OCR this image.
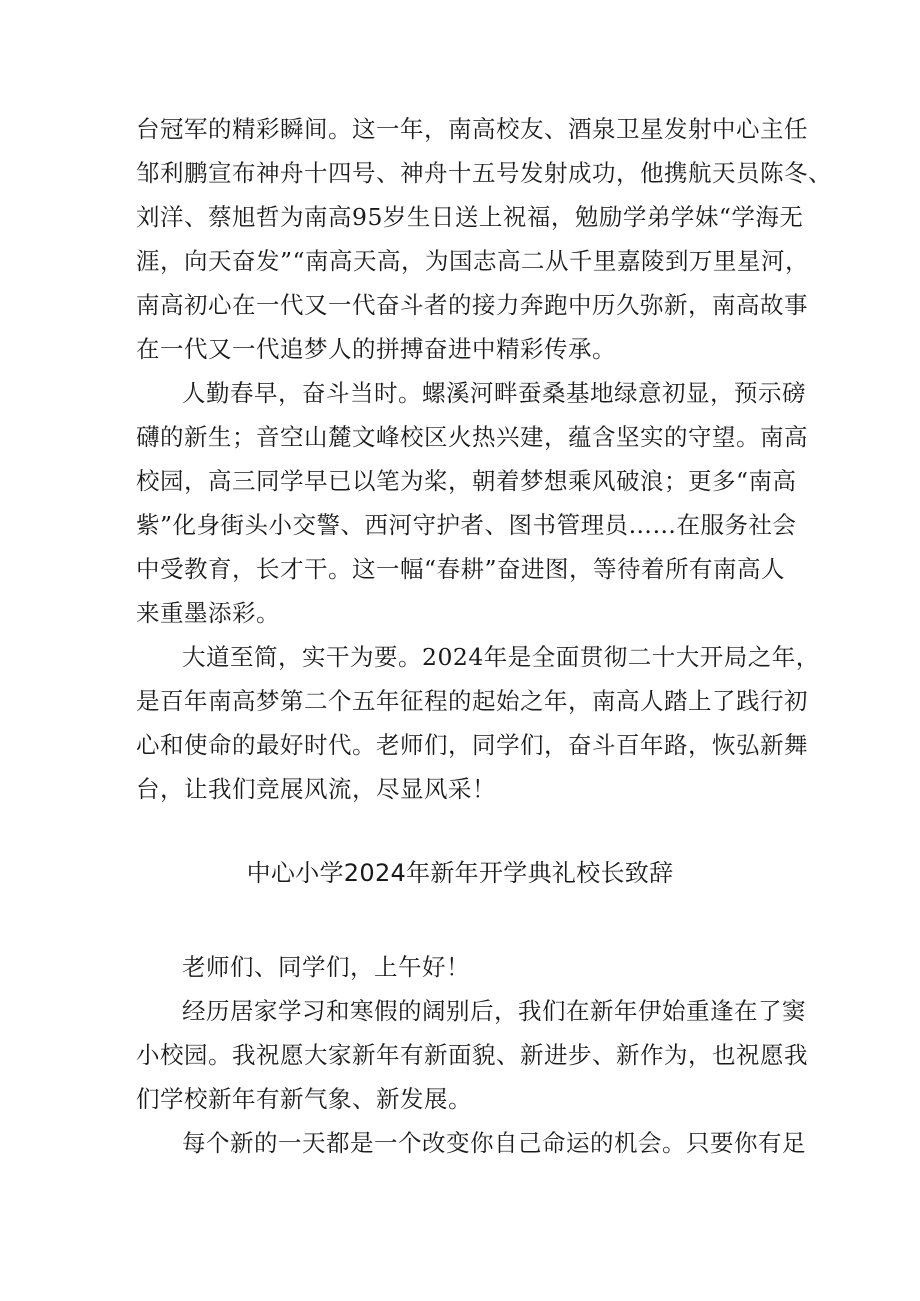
台冠军的精彩瞬间。这一年，南高校友、酒泉卫星发射中心主任
邹利鹏宣布神舟十四号、神舟十五号发射成功，他携航天员陈冬、
刘洋、蔡旭哲为南高95岁生日送上祝福，勉励学弟学妹“学海无
涯，向天奋发”“南高天高，为国志高二从千里嘉陵到万里星河，
南高初心在一代又一代奋斗者的接力奔跑中历久弥新，南高故事
在一代又一代追梦人的拼搏奋进中精彩传承。
人勤春早，奋斗当时。螺溪河畔蚕桑基地绿意初显，预示磅
礴的新生；音空山麓文峰校区火热兴建，蕴含坚实的守望。南高
校园，高三同学早已以笔为桨，朝着梦想乘风破浪；更多“南高
紫”化身街头小交警、西河守护者、图书管理员……在服务社会
中受教育，长才干。这一幅“春耕”奋进图，等待着所有南高人
来重墨添彩。
大道至简，实干为要。2024年是全面贯彻二十大开局之年，
是百年南高梦第二个五年征程的起始之年，南高人踏上了践行初
心和使命的最好时代。老师们，同学们，奋斗百年路，恢弘新舞
台，让我们竞展风流，尽显风采！
中心小学2024年新年开学典礼校长致辞
老师们、同学们，上午好！
经历居家学习和寒假的阔别后，我们在新年伊始重逢在了窦
小校园。我祝愿大家新年有新面貌、新进步、新作为，也祝愿我
们学校新年有新气象、新发展。
每个新的一天都是一个改变你自己命运的机会。只要你有足
